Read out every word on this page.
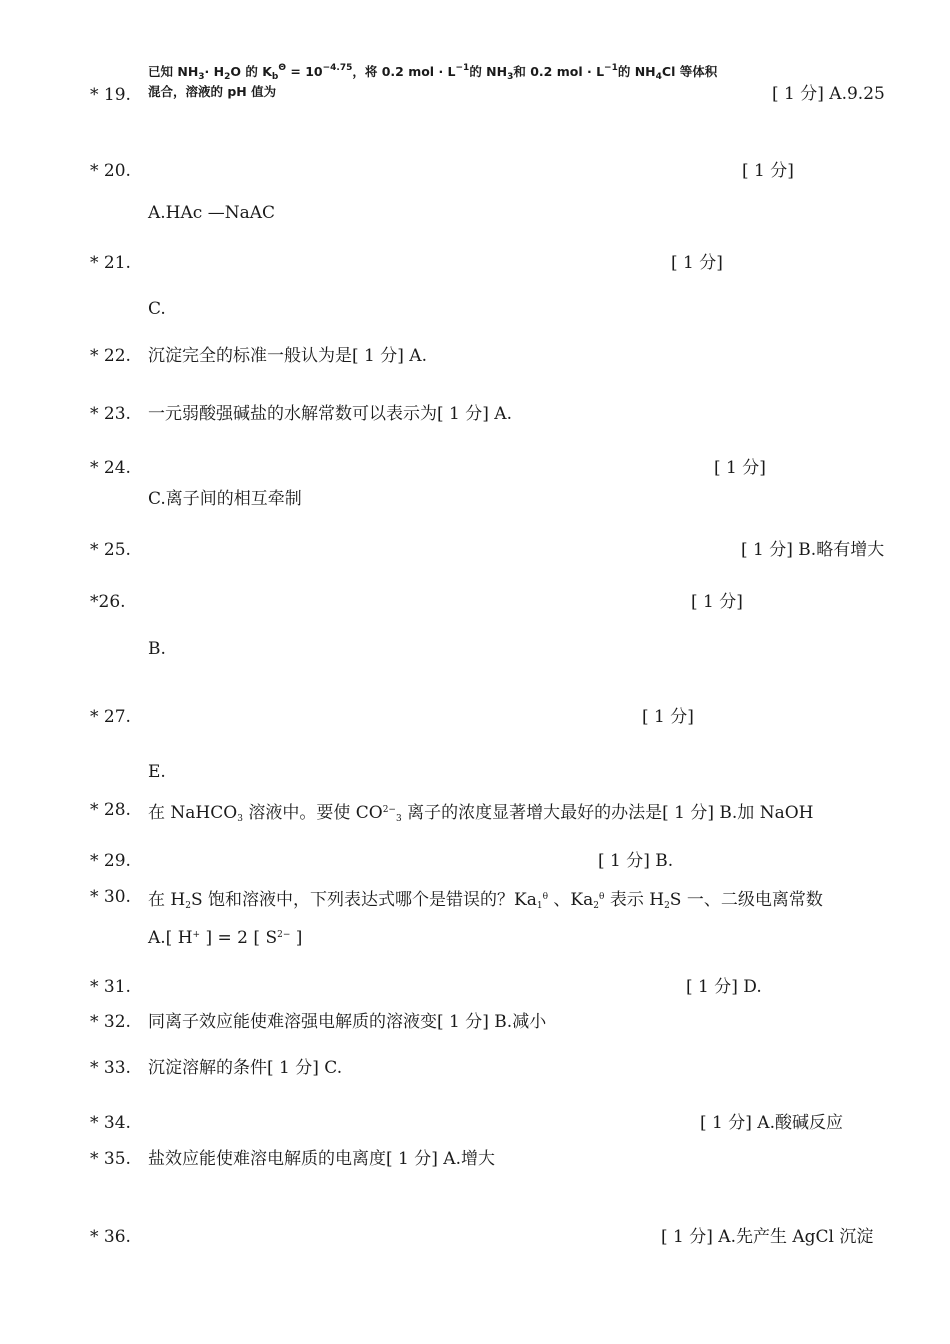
已知 $NH_3\cdot H_2O$ 的 $K_b^\Theta = 10^{-4.75}$，将 0.2 mol · $L^{-1}$的 $NH_3$和 0.2 mol · $L^{-1}$的 $NH_4Cl$ 等体积
* 19. 混合，溶液的 pH 值为	[ 1 分] A.9.25
* 20.	[ 1 分]
A.HAc —NaAC
* 21.	[ 1 分]
C.
* 22. 沉淀完全的标准一般认为是[ 1 分] A.
* 23. 一元弱酸强碱盐的水解常数可以表示为[ 1 分] A.
* 24.	[ 1 分]
C.离子间的相互牵制
* 25.	[ 1 分] B.略有增大
*26.	[ 1 分]
B.
* 27.	[ 1 分]
E.
* 28. 在 NaHCO$_3$ 溶液中。要使 $CO^{2-}_3$ 离子的浓度显著增大最好的办法是[ 1 分] B.加 NaOH
* 29.	[ 1 分] B.
* 30. 在 $H_2S$ 饱和溶液中，下列表达式哪个是错误的？$Ka_1^\theta$ 、$Ka_2^\theta$ 表示 $H_2S$ 一、二级电离常数
A.[ H+ ] = 2 [ $S^{2-}$ ]
* 31.	[ 1 分] D.
* 32. 同离子效应能使难溶强电解质的溶液变[ 1 分] B.减小
* 33. 沉淀溶解的条件[ 1 分] C.
* 34.	[ 1 分] A.酸碱反应
* 35. 盐效应能使难溶电解质的电离度[ 1 分] A.增大
* 36.	[ 1 分] A.先产生 AgCl 沉淀
